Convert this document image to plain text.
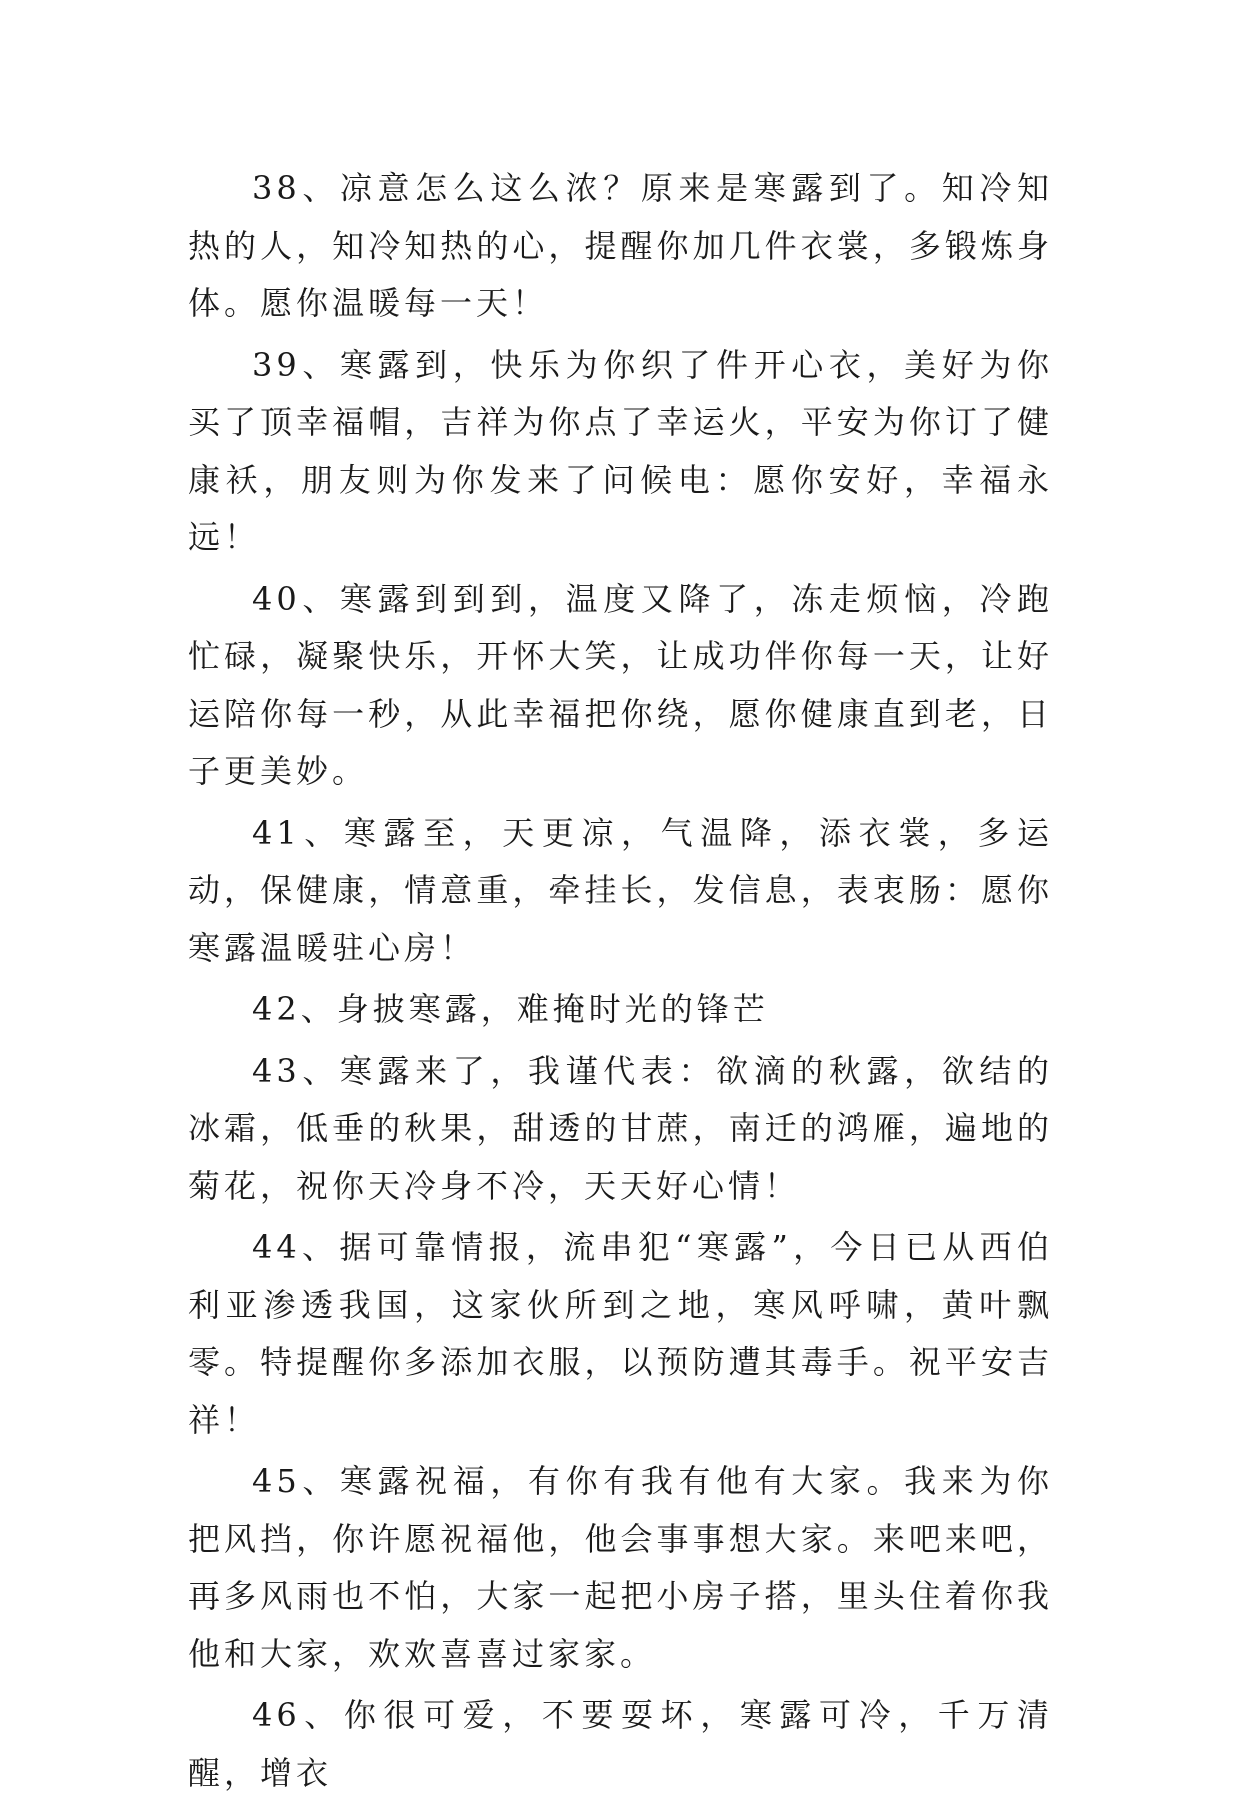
38、凉意怎么这么浓？原来是寒露到了。知冷知热的人，知冷知热的心，提醒你加几件衣裳，多锻炼身体。愿你温暖每一天！

39、寒露到，快乐为你织了件开心衣，美好为你买了顶幸福帽，吉祥为你点了幸运火，平安为你订了健康袄，朋友则为你发来了问候电：愿你安好，幸福永远！

40、寒露到到到，温度又降了，冻走烦恼，冷跑忙碌，凝聚快乐，开怀大笑，让成功伴你每一天，让好运陪你每一秒，从此幸福把你绕，愿你健康直到老，日子更美妙。

41、寒露至，天更凉，气温降，添衣裳，多运动，保健康，情意重，牵挂长，发信息，表衷肠：愿你寒露温暖驻心房！

42、身披寒露，难掩时光的锋芒

43、寒露来了，我谨代表：欲滴的秋露，欲结的冰霜，低垂的秋果，甜透的甘蔗，南迁的鸿雁，遍地的菊花，祝你天冷身不冷，天天好心情！

44、据可靠情报，流串犯“寒露”，今日已从西伯利亚渗透我国，这家伙所到之地，寒风呼啸，黄叶飘零。特提醒你多添加衣服，以预防遭其毒手。祝平安吉祥！

45、寒露祝福，有你有我有他有大家。我来为你把风挡，你许愿祝福他，他会事事想大家。来吧来吧，再多风雨也不怕，大家一起把小房子搭，里头住着你我他和大家，欢欢喜喜过家家。

46、你很可爱，不要耍坏，寒露可冷，千万清醒，增衣
